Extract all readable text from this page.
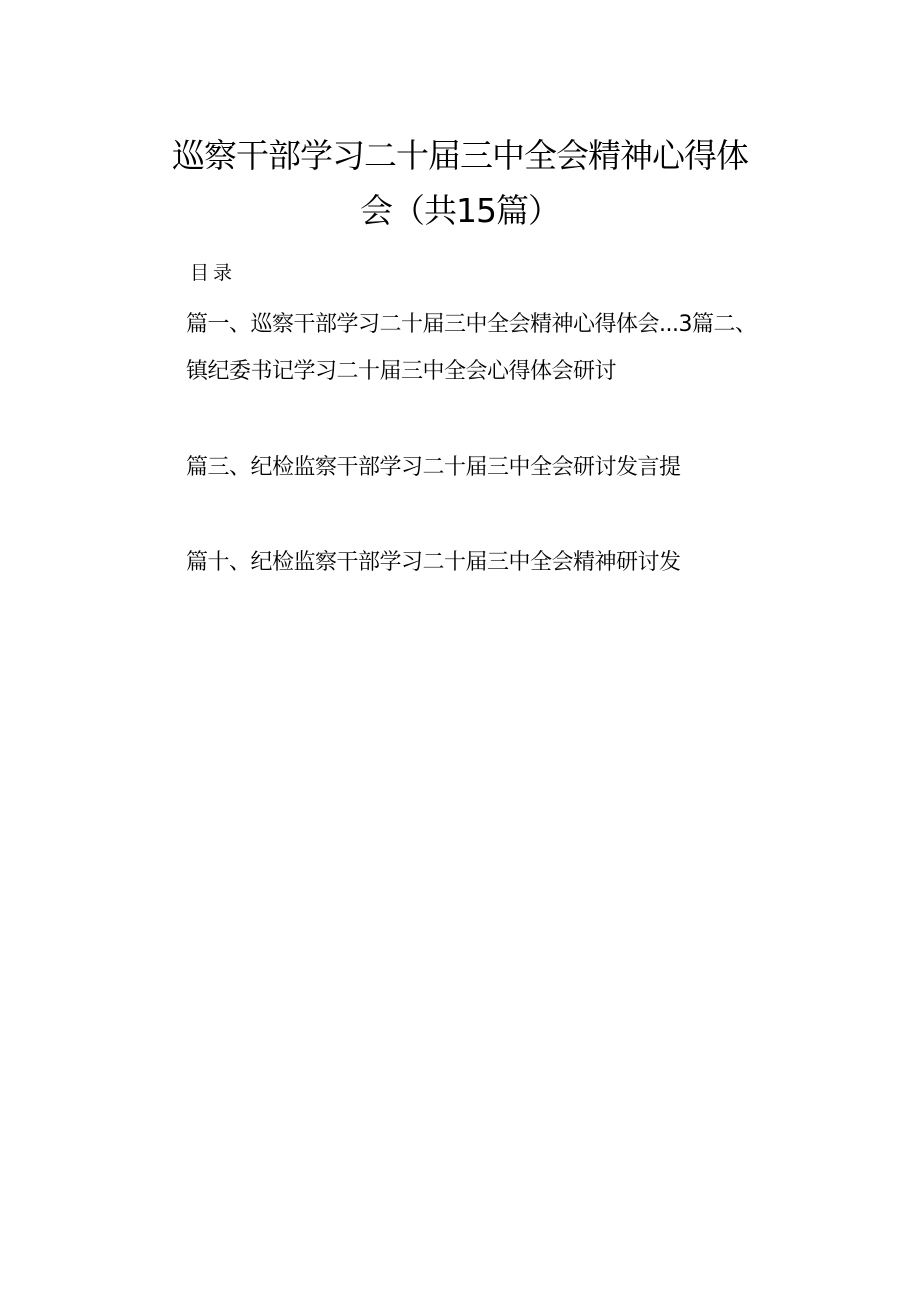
巡察干部学习二十届三中全会精神心得体
会（共15篇）
目录
篇一、巡察干部学习二十届三中全会精神心得体会...3篇二、
镇纪委书记学习二十届三中全会心得体会研讨
篇三、纪检监察干部学习二十届三中全会研讨发言提
篇十、纪检监察干部学习二十届三中全会精神研讨发
